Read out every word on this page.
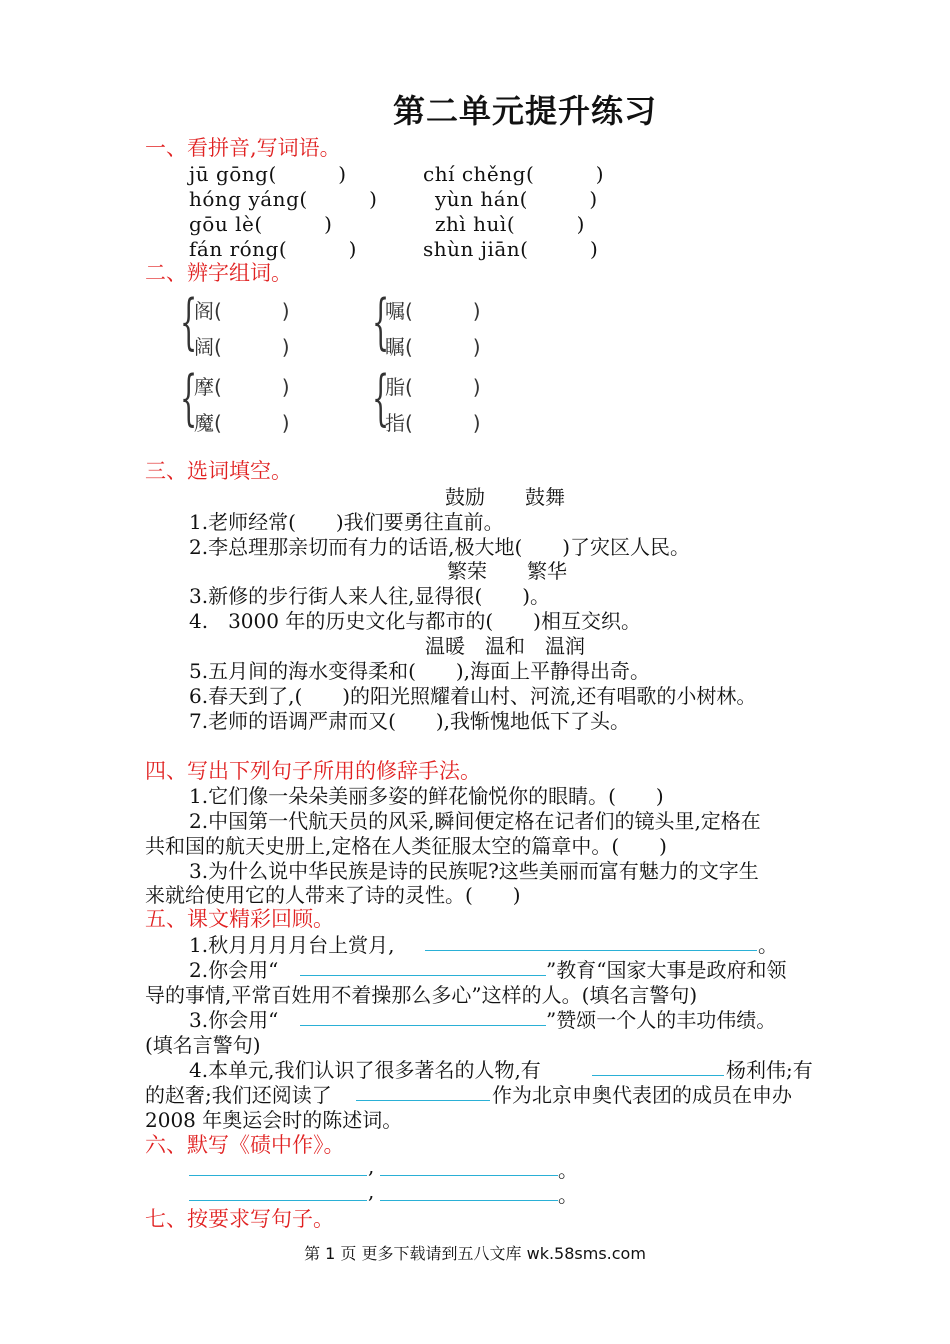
第二单元提升练习
一、看拼音,写词语。
jū gōng(　　　)	chí chěng(　　　)
hóng yáng(　　　)	yùn hán(　　　)
gōu lè(　　　)	zhì huì(　　　)
fán róng(　　　)	shùn jiān(　　　)
二、辨字组词。
{
阁(　　　)
阔(　　　) {
嘱(　　　)
瞩(　　　)
{
摩(　　　)
魔(　　　) {
脂(　　　)
指(　　　)
三、选词填空。
鼓励　　鼓舞
1.老师经常(　　)我们要勇往直前。
2.李总理那亲切而有力的话语,极大地(　　)了灾区人民。
繁荣　　繁华
3.新修的步行街人来人往,显得很(　　)。
4.　3000 年的历史文化与都市的(　　)相互交织。
温暖　温和　温润
5.五月间的海水变得柔和(　　),海面上平静得出奇。
6.春天到了,(　　)的阳光照耀着山村、河流,还有唱歌的小树林。
7.老师的语调严肃而又(　　),我惭愧地低下了头。
四、写出下列句子所用的修辞手法。
1.它们像一朵朵美丽多姿的鲜花愉悦你的眼睛。(　　)
2.中国第一代航天员的风采,瞬间便定格在记者们的镜头里,定格在
共和国的航天史册上,定格在人类征服太空的篇章中。(　　)
3.为什么说中华民族是诗的民族呢?这些美丽而富有魅力的文字生
来就给使用它的人带来了诗的灵性。(　　)
五、课文精彩回顾。
1.秋月月月月台上赏月,	。
2.你会用“	”教育“国家大事是政府和领
导的事情,平常百姓用不着操那么多心”这样的人。(填名言警句)
3.你会用“	”赞颂一个人的丰功伟绩。
(填名言警句)
4.本单元,我们认识了很多著名的人物,有	杨利伟;有
的赵奢;我们还阅读了	作为北京申奥代表团的成员在申办
2008 年奥运会时的陈述词。
六、默写《碛中作》。
,	。
,	。
七、按要求写句子。
第 1 页 更多下载请到五八文库 wk.58sms.com
